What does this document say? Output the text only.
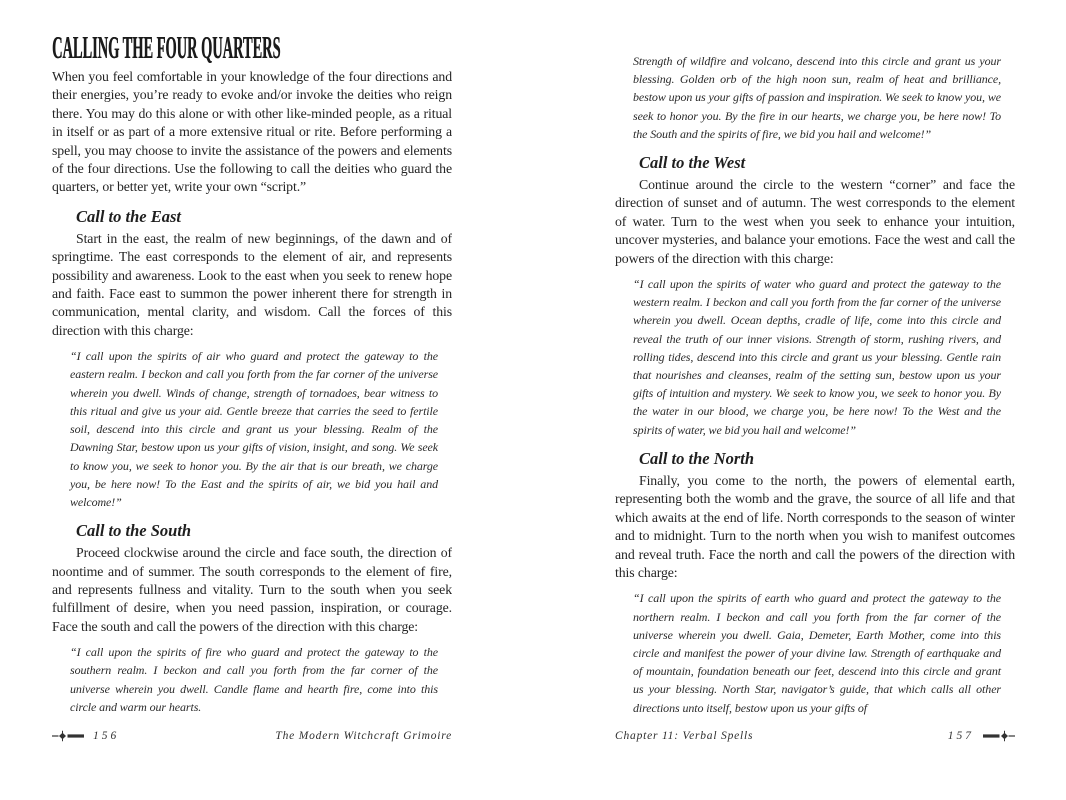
CALLING THE FOUR QUARTERS

When you feel comfortable in your knowledge of the four directions and their energies, you’re ready to evoke and/or invoke the deities who reign there. You may do this alone or with other like-minded people, as a ritual in itself or as part of a more extensive ritual or rite. Before performing a spell, you may choose to invite the assistance of the powers and elements of the four directions. Use the following to call the deities who guard the quarters, or better yet, write your own “script.”

Call to the East

Start in the east, the realm of new beginnings, of the dawn and of springtime. The east corresponds to the element of air, and represents possibility and awareness. Look to the east when you seek to renew hope and faith. Face east to summon the power inherent there for strength in communication, mental clarity, and wisdom. Call the forces of this direction with this charge:

“I call upon the spirits of air who guard and protect the gateway to the eastern realm. I beckon and call you forth from the far corner of the universe wherein you dwell. Winds of change, strength of tornadoes, bear witness to this ritual and give us your aid. Gentle breeze that carries the seed to fertile soil, descend into this circle and grant us your blessing. Realm of the Dawning Star, bestow upon us your gifts of vision, insight, and song. We seek to know you, we seek to honor you. By the air that is our breath, we charge you, be here now! To the East and the spirits of air, we bid you hail and welcome!”

Call to the South

Proceed clockwise around the circle and face south, the direction of noontime and of summer. The south corresponds to the element of fire, and represents fullness and vitality. Turn to the south when you seek fulfillment of desire, when you need passion, inspiration, or courage. Face the south and call the powers of the direction with this charge:

“I call upon the spirits of fire who guard and protect the gateway to the southern realm. I beckon and call you forth from the far corner of the universe wherein you dwell. Candle flame and hearth fire, come into this circle and warm our hearts.

156	The Modern Witchcraft Grimoire

Strength of wildfire and volcano, descend into this circle and grant us your blessing. Golden orb of the high noon sun, realm of heat and brilliance, bestow upon us your gifts of passion and inspiration. We seek to know you, we seek to honor you. By the fire in our hearts, we charge you, be here now! To the South and the spirits of fire, we bid you hail and welcome!”

Call to the West

Continue around the circle to the western “corner” and face the direction of sunset and of autumn. The west corresponds to the element of water. Turn to the west when you seek to enhance your intuition, uncover mysteries, and balance your emotions. Face the west and call the powers of the direction with this charge:

“I call upon the spirits of water who guard and protect the gateway to the western realm. I beckon and call you forth from the far corner of the universe wherein you dwell. Ocean depths, cradle of life, come into this circle and reveal the truth of our inner visions. Strength of storm, rushing rivers, and rolling tides, descend into this circle and grant us your blessing. Gentle rain that nourishes and cleanses, realm of the setting sun, bestow upon us your gifts of intuition and mystery. We seek to know you, we seek to honor you. By the water in our blood, we charge you, be here now! To the West and the spirits of water, we bid you hail and welcome!”

Call to the North

Finally, you come to the north, the powers of elemental earth, representing both the womb and the grave, the source of all life and that which awaits at the end of life. North corresponds to the season of winter and to midnight. Turn to the north when you wish to manifest outcomes and reveal truth. Face the north and call the powers of the direction with this charge:

“I call upon the spirits of earth who guard and protect the gateway to the northern realm. I beckon and call you forth from the far corner of the universe wherein you dwell. Gaia, Demeter, Earth Mother, come into this circle and manifest the power of your divine law. Strength of earthquake and of mountain, foundation beneath our feet, descend into this circle and grant us your blessing. North Star, navigator’s guide, that which calls all other directions unto itself, bestow upon us your gifts of

Chapter 11: Verbal Spells	157
